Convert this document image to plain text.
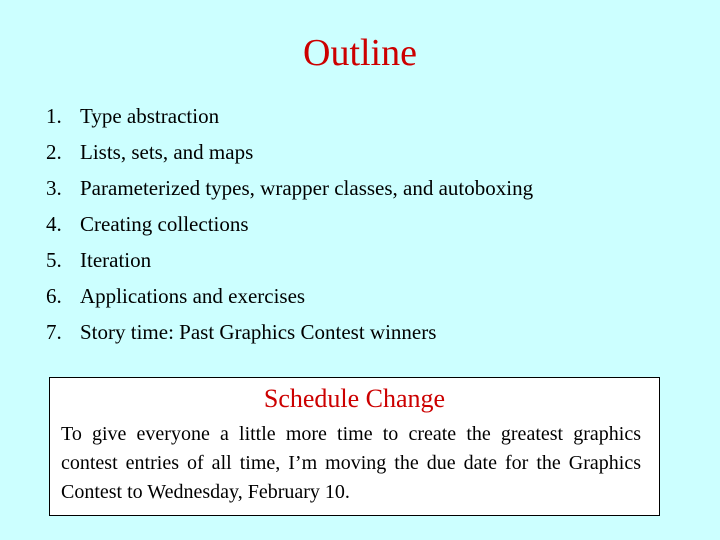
Outline
1. Type abstraction
2. Lists, sets, and maps
3. Parameterized types, wrapper classes, and autoboxing
4. Creating collections
5. Iteration
6. Applications and exercises
7. Story time: Past Graphics Contest winners
Schedule Change

To give everyone a little more time to create the greatest graphics contest entries of all time, I’m moving the due date for the Graphics Contest to Wednesday, February 10.
